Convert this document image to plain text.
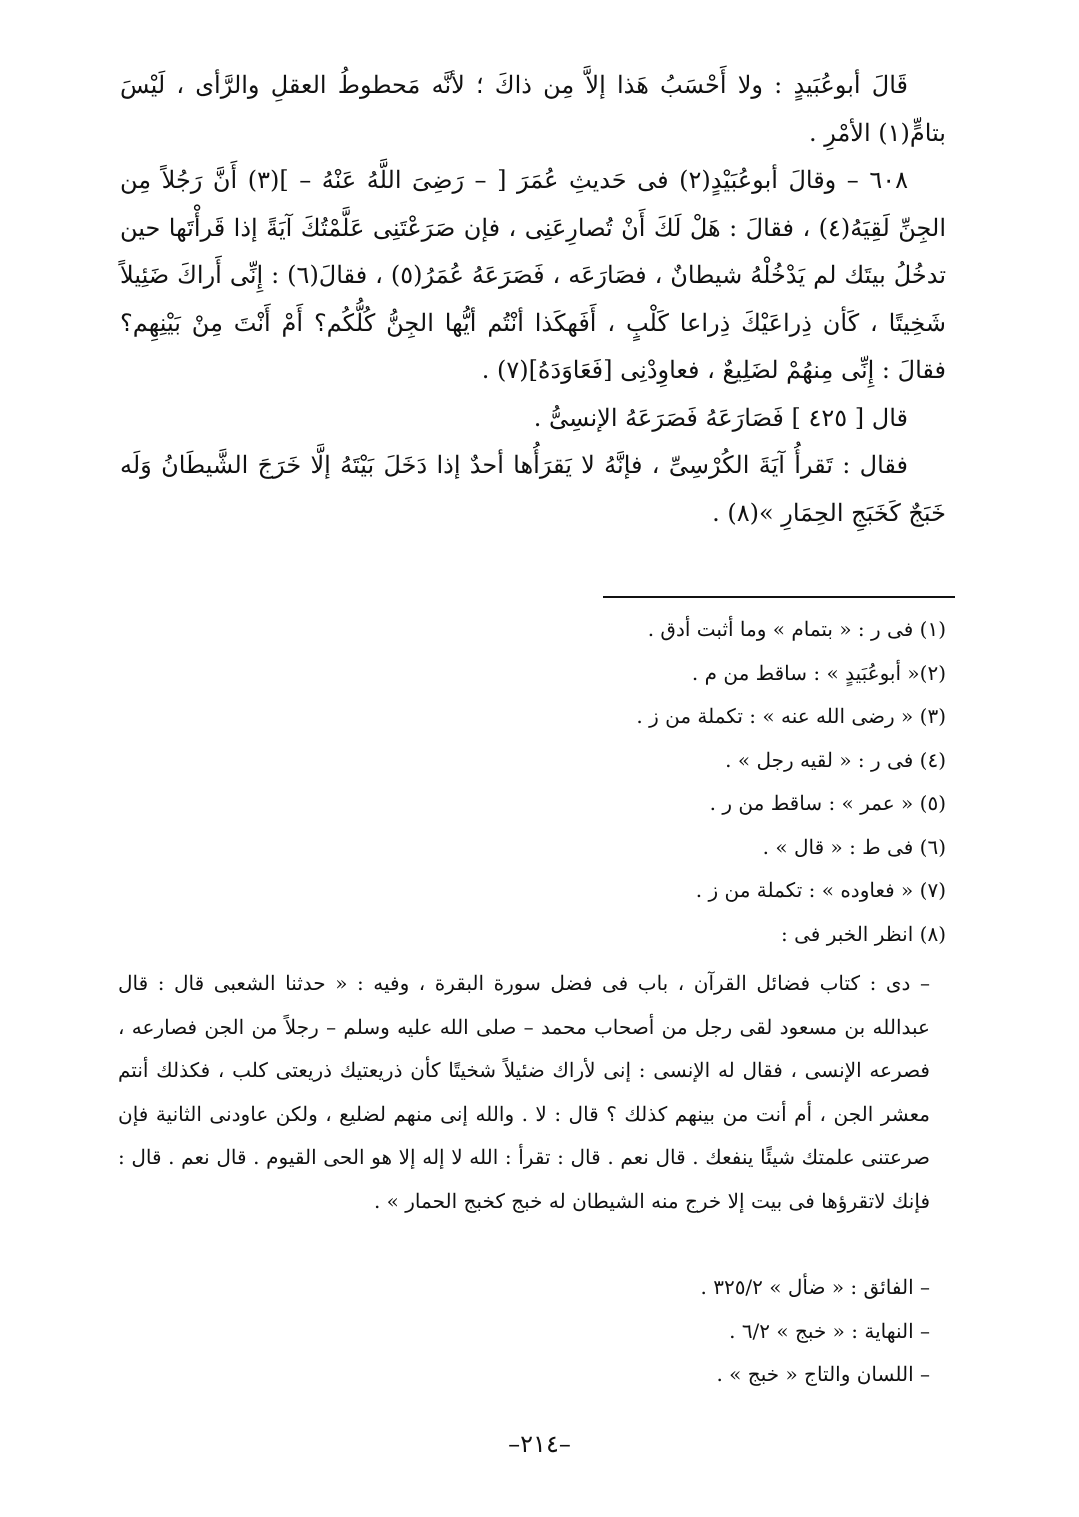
قَالَ أبوعُبَيدٍ : ولا أَحْسَبُ هَذا إلاَّ مِن ذاكَ ؛ لأنَّه مَحطوطُ العقلِ والرَّأى ، لَيْسَ بتامٍّ(١) الأمْرِ .

٦٠٨ – وقالَ أبوعُبَيْدٍ(٢) فى حَديثِ عُمَرَ [ – رَضِىَ اللَّهُ عَنْهُ – ](٣) أَنَّ رَجُلاً مِن الجِنِّ لَقِيَهُ(٤) ، فقالَ : هَلْ لَكَ أَنْ تُصارِعَنِى ، فإن صَرَعْتَنِى عَلَّمْتُكَ آيَةً إذا قَرأْتَها حين تدخُلُ بيتَك لم يَدْخُلْهُ شيطانٌ ، فصَارَعَه ، فَصَرَعَهُ عُمَرُ(٥) ، فقالَ(٦) : إِنِّى أَراكَ ضَئِيلاً شَخِيتًا ، كَأن ذِراعَيْكَ ذِراعا كَلْبٍ ، أَفَهكَذا أنْتُم أيُّها الجِنُّ كُلُّكُم؟ أَمْ أَنْتَ مِنْ بَيْنِهِم؟ فقالَ : إِنِّى مِنهُمْ لضَلِيعٌ ، فعاوِدْنِى [فَعَاوَدَهُ](٧) .

قال [ ٤٢٥ ] فَصَارَعَهُ فَصَرَعَهُ الإنسِىُّ .

فقال : تَقرأُ آيَةَ الكُرْسِىِّ ، فإنَّهُ لا يَقرَأُها أحدٌ إذا دَخَلَ بَيْتَهُ إلَّا خَرَجَ الشَّيطَانُ وَلَه خَبَجٌ كَخَبَجِ الحِمَارِ »(٨) .

(١) فى ر : « بتمام » وما أثبت أدق .
(٢)« أبوعُبَيدٍ » : ساقط من م .
(٣) « رضى الله عنه » : تكملة من ز .
(٤) فى ر : « لقيه رجل » .
(٥) « عمر » : ساقط من ر .
(٦) فى ط : « قال » .
(٧) « فعاوده » : تكملة من ز .
(٨) انظر الخبر فى :
– دى : كتاب فضائل القرآن ، باب فى فضل سورة البقرة ، وفيه : « حدثنا الشعبى قال : قال عبدالله بن مسعود لقى رجل من أصحاب محمد – صلى الله عليه وسلم – رجلاً من الجن فصارعه ، فصرعه الإنسى ، فقال له الإنسى : إنى لأراك ضئيلاً شخيتًا كأن ذريعتيك ذريعتى كلب ، فكذلك أنتم معشر الجن ، أم أنت من بينهم كذلك ؟ قال : لا . والله إنى منهم لضليع ، ولكن عاودنى الثانية فإن صرعتنى علمتك شيئًا ينفعك . قال نعم . قال : تقرأ : الله لا إله إلا هو الحى القيوم . قال نعم . قال : فإنك لاتقرؤها فى بيت إلا خرج منه الشيطان له خبج كخبج الحمار » .
– الفائق : « ضأل » ٣٢٥/٢ .
– النهاية : « خبج » ٦/٢ .
– اللسان والتاج « خبج » .
–٢١٤–
